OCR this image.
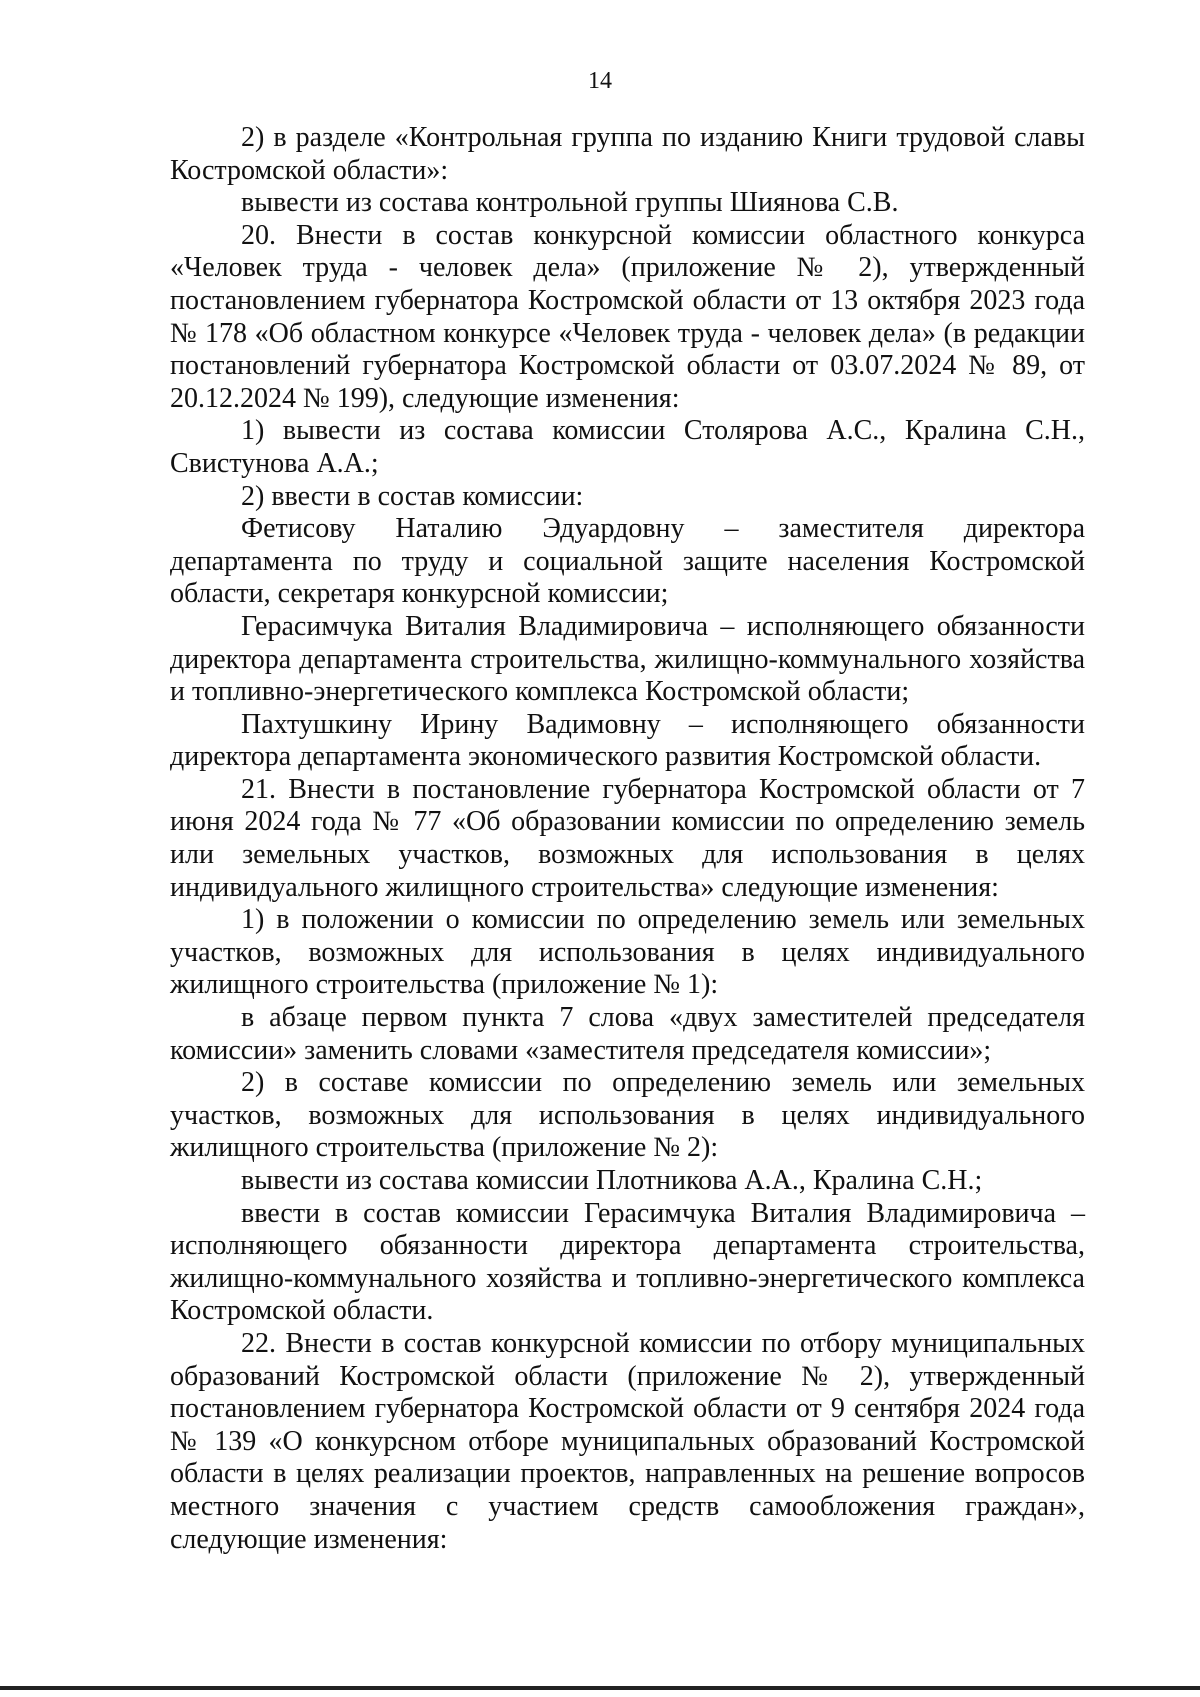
14

2) в разделе «Контрольная группа по изданию Книги трудовой славы Костромской области»:

вывести из состава контрольной группы Шиянова С.В.

20. Внести в состав конкурсной комиссии областного конкурса «Человек труда - человек дела» (приложение № 2), утвержденный постановлением губернатора Костромской области от 13 октября 2023 года № 178 «Об областном конкурсе «Человек труда - человек дела» (в редакции постановлений губернатора Костромской области от 03.07.2024 № 89, от 20.12.2024 № 199), следующие изменения:

1) вывести из состава комиссии Столярова А.С., Кралина С.Н., Свистунова А.А.;

2) ввести в состав комиссии:

Фетисову Наталию Эдуардовну – заместителя директора департамента по труду и социальной защите населения Костромской области, секретаря конкурсной комиссии;

Герасимчука Виталия Владимировича – исполняющего обязанности директора департамента строительства, жилищно-коммунального хозяйства и топливно-энергетического комплекса Костромской области;

Пахтушкину Ирину Вадимовну – исполняющего обязанности директора департамента экономического развития Костромской области.

21. Внести в постановление губернатора Костромской области от 7 июня 2024 года № 77 «Об образовании комиссии по определению земель или земельных участков, возможных для использования в целях индивидуального жилищного строительства» следующие изменения:

1) в положении о комиссии по определению земель или земельных участков, возможных для использования в целях индивидуального жилищного строительства (приложение № 1):

в абзаце первом пункта 7 слова «двух заместителей председателя комиссии» заменить словами «заместителя председателя комиссии»;

2) в составе комиссии по определению земель или земельных участков, возможных для использования в целях индивидуального жилищного строительства (приложение № 2):

вывести из состава комиссии Плотникова А.А., Кралина С.Н.;

ввести в состав комиссии Герасимчука Виталия Владимировича – исполняющего обязанности директора департамента строительства, жилищно-коммунального хозяйства и топливно-энергетического комплекса Костромской области.

22. Внести в состав конкурсной комиссии по отбору муниципальных образований Костромской области (приложение № 2), утвержденный постановлением губернатора Костромской области от 9 сентября 2024 года № 139 «О конкурсном отборе муниципальных образований Костромской области в целях реализации проектов, направленных на решение вопросов местного значения с участием средств самообложения граждан», следующие изменения:
